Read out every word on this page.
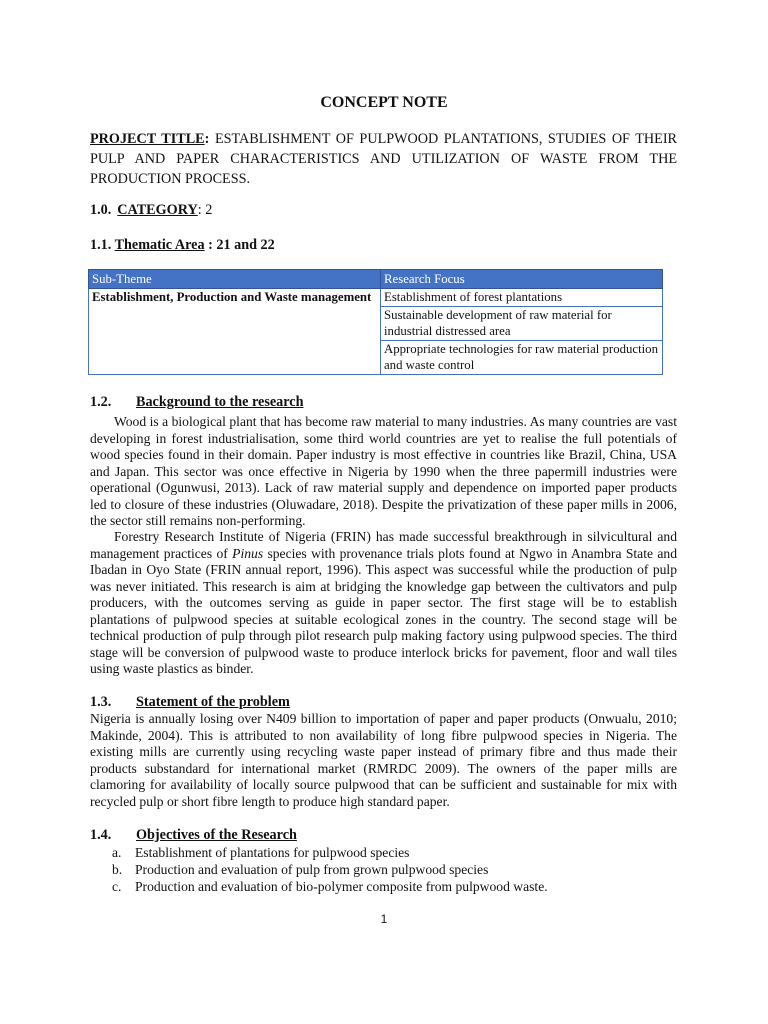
CONCEPT NOTE
PROJECT TITLE: ESTABLISHMENT OF PULPWOOD PLANTATIONS, STUDIES OF THEIR PULP AND PAPER CHARACTERISTICS AND UTILIZATION OF WASTE FROM THE PRODUCTION PROCESS.
1.0. CATEGORY: 2
1.1. Thematic Area : 21 and 22
Sub-Theme	Research Focus
Establishment, Production and Waste management	Establishment of forest plantations
	Sustainable development of raw material for industrial distressed area
	Appropriate technologies for raw material production and waste control
1.2. Background to the research

Wood is a biological plant that has become raw material to many industries. As many countries are vast developing in forest industrialisation, some third world countries are yet to realise the full potentials of wood species found in their domain. Paper industry is most effective in countries like Brazil, China, USA and Japan. This sector was once effective in Nigeria by 1990 when the three papermill industries were operational (Ogunwusi, 2013). Lack of raw material supply and dependence on imported paper products led to closure of these industries (Oluwadare, 2018). Despite the privatization of these paper mills in 2006, the sector still remains non-performing.

Forestry Research Institute of Nigeria (FRIN) has made successful breakthrough in silvicultural and management practices of Pinus species with provenance trials plots found at Ngwo in Anambra State and Ibadan in Oyo State (FRIN annual report, 1996). This aspect was successful while the production of pulp was never initiated. This research is aim at bridging the knowledge gap between the cultivators and pulp producers, with the outcomes serving as guide in paper sector. The first stage will be to establish plantations of pulpwood species at suitable ecological zones in the country. The second stage will be technical production of pulp through pilot research pulp making factory using pulpwood species. The third stage will be conversion of pulpwood waste to produce interlock bricks for pavement, floor and wall tiles using waste plastics as binder.

1.3. Statement of the problem

Nigeria is annually losing over N409 billion to importation of paper and paper products (Onwualu, 2010; Makinde, 2004). This is attributed to non availability of long fibre pulpwood species in Nigeria. The existing mills are currently using recycling waste paper instead of primary fibre and thus made their products substandard for international market (RMRDC 2009). The owners of the paper mills are clamoring for availability of locally source pulpwood that can be sufficient and sustainable for mix with recycled pulp or short fibre length to produce high standard paper.

1.4. Objectives of the Research
a. Establishment of plantations for pulpwood species
b. Production and evaluation of pulp from grown pulpwood species
c. Production and evaluation of bio-polymer composite from pulpwood waste.
1
